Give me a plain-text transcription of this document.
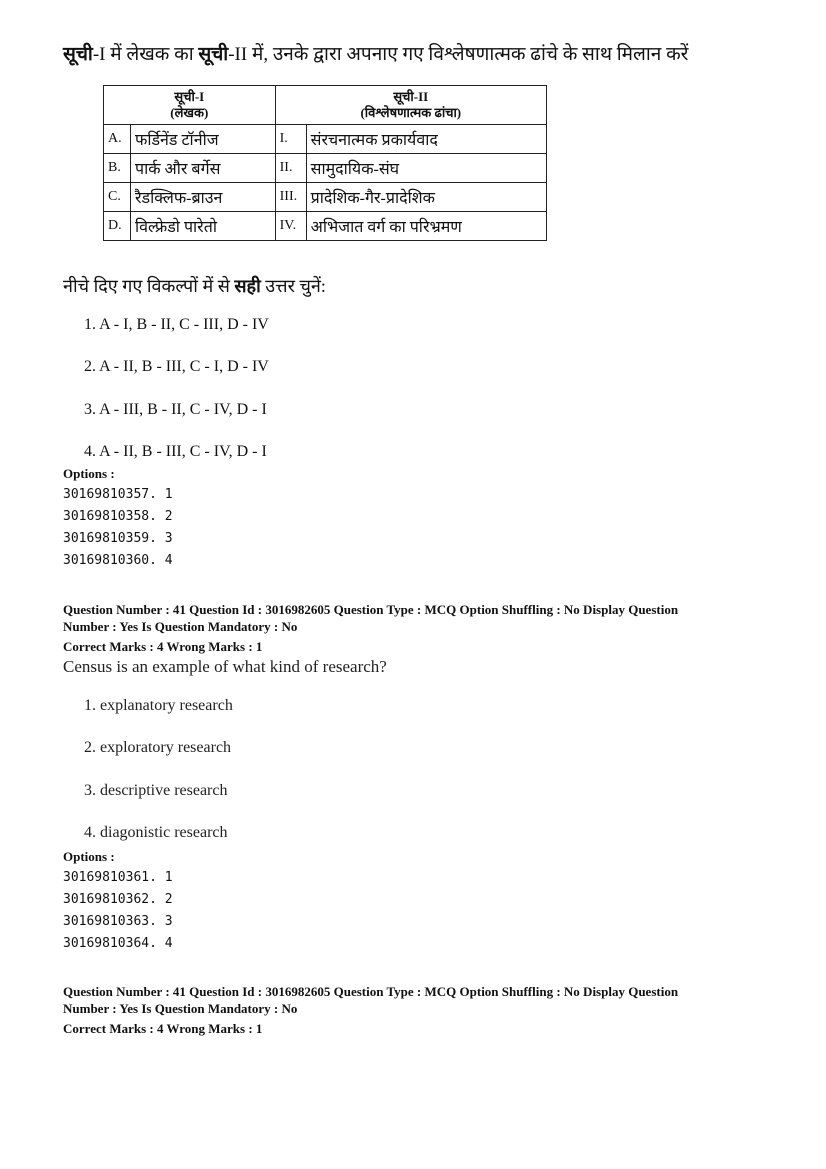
सूची-I में लेखक का सूची-II में, उनके द्वारा अपनाए गए विश्लेषणात्मक ढांचे के साथ मिलान करें
सूची-I
(लेखक)		सूची-II
(विश्लेषणात्मक ढांचा)	
A.	फर्डिनेंड टॉनीज	I.	संरचनात्मक प्रकार्यवाद
B.	पार्क और बर्गेस	II.	सामुदायिक-संघ
C.	रैडक्लिफ-ब्राउन	III.	प्रादेशिक-गैर-प्रादेशिक
D.	विल्फ्रेडो पारेतो	IV.	अभिजात वर्ग का परिभ्रमण
नीचे दिए गए विकल्पों में से सही उत्तर चुनें:
1. A - I, B - II, C - III, D - IV
2. A - II, B - III, C - I, D - IV
3. A - III, B - II, C - IV, D - I
4. A - II, B - III, C - IV, D - I
Options :
30169810357. 1
30169810358. 2
30169810359. 3
30169810360. 4
Question Number : 41 Question Id : 3016982605 Question Type : MCQ Option Shuffling : No Display Question
Number : Yes Is Question Mandatory : No
Correct Marks : 4 Wrong Marks : 1
Census is an example of what kind of research?
1. explanatory research
2. exploratory research
3. descriptive research
4. diagonistic research
Options :
30169810361. 1
30169810362. 2
30169810363. 3
30169810364. 4
Question Number : 41 Question Id : 3016982605 Question Type : MCQ Option Shuffling : No Display Question
Number : Yes Is Question Mandatory : No
Correct Marks : 4 Wrong Marks : 1
